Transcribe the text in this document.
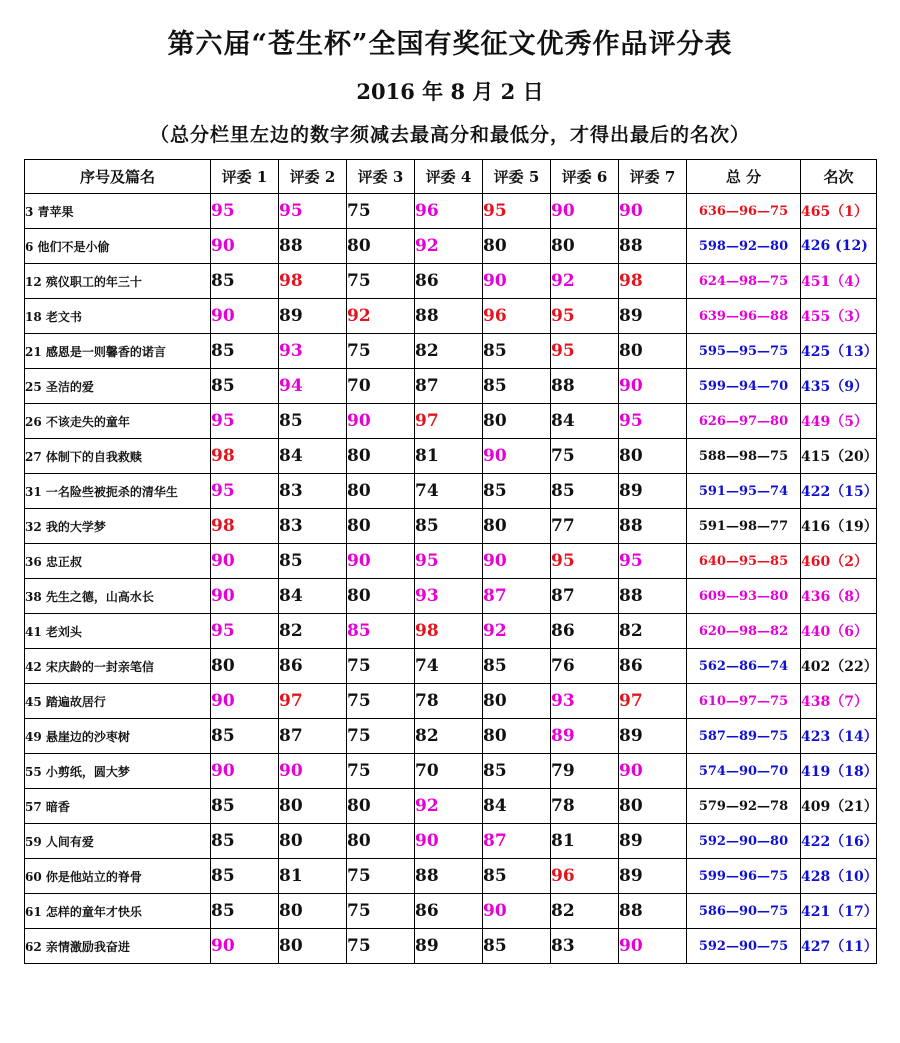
第六届“苍生杯”全国有奖征文优秀作品评分表
2016 年 8 月 2 日
（总分栏里左边的数字须减去最高分和最低分，才得出最后的名次）
序号及篇名	评委 1	评委 2	评委 3	评委 4	评委 5	评委 6	评委 7	总 分	名次
3 青苹果	95	95	75	96	95	90	90	636—96—75	465（1）
6 他们不是小偷	90	88	80	92	80	80	88	598—92—80	426 (12)
12 殡仪职工的年三十	85	98	75	86	90	92	98	624—98—75	451（4）
18 老文书	90	89	92	88	96	95	89	639—96—88	455（3）
21 感恩是一则馨香的诺言	85	93	75	82	85	95	80	595—95—75	425（13）
25 圣洁的爱	85	94	70	87	85	88	90	599—94—70	435（9）
26 不该走失的童年	95	85	90	97	80	84	95	626—97—80	449（5）
27 体制下的自我救赎	98	84	80	81	90	75	80	588—98—75	415（20）
31 一名险些被扼杀的清华生	95	83	80	74	85	85	89	591—95—74	422（15）
32 我的大学梦	98	83	80	85	80	77	88	591—98—77	416（19）
36 忠正叔	90	85	90	95	90	95	95	640—95—85	460（2）
38 先生之德，山高水长	90	84	80	93	87	87	88	609—93—80	436（8）
41 老刘头	95	82	85	98	92	86	82	620—98—82	440（6）
42 宋庆龄的一封亲笔信	80	86	75	74	85	76	86	562—86—74	402（22）
45 踏遍故居行	90	97	75	78	80	93	97	610—97—75	438（7）
49 悬崖边的沙枣树	85	87	75	82	80	89	89	587—89—75	423（14）
55 小剪纸，圆大梦	90	90	75	70	85	79	90	574—90—70	419（18）
57 暗香	85	80	80	92	84	78	80	579—92—78	409（21）
59 人间有爱	85	80	80	90	87	81	89	592—90—80	422（16）
60 你是他站立的脊骨	85	81	75	88	85	96	89	599—96—75	428（10）
61 怎样的童年才快乐	85	80	75	86	90	82	88	586—90—75	421（17）
62 亲情激励我奋进	90	80	75	89	85	83	90	592—90—75	427（11）
